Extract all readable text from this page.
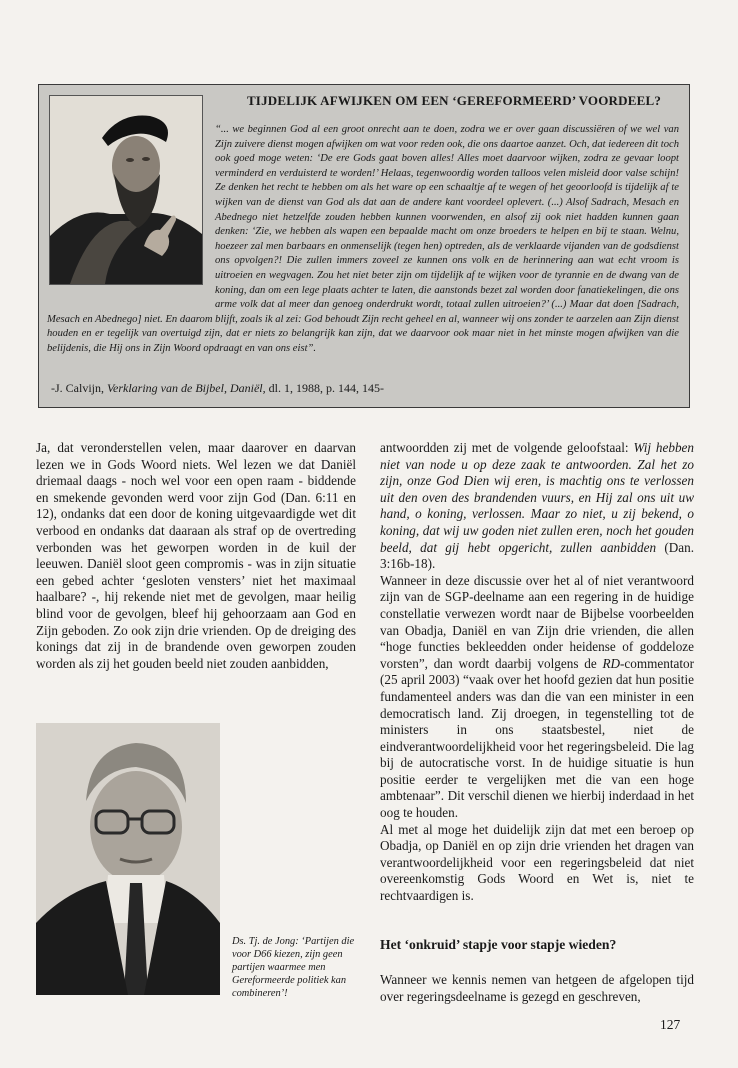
TIJDELIJK AFWIJKEN OM EEN ‘GEREFORMEERD’ VOORDEEL?

“... we beginnen God al een groot onrecht aan te doen, zodra we er over gaan discussiëren of we wel van Zijn zuivere dienst mogen afwijken om wat voor reden ook, die ons daartoe aanzet. Och, dat iedereen dit toch ook goed moge weten: ‘De ere Gods gaat boven alles! Alles moet daarvoor wijken, zodra ze gevaar loopt verminderd en verduisterd te worden!’ Helaas, tegenwoordig worden talloos velen misleid door valse schijn! Ze denken het recht te hebben om als het ware op een schaaltje af te wegen of het geoorloofd is tijdelijk af te wijken van de dienst van God als dat aan de andere kant voordeel oplevert. (...) Alsof Sadrach, Mesach en Abednego niet hetzelfde zouden hebben kunnen voorwenden, en alsof zij ook niet hadden kunnen gaan denken: ‘Zie, we hebben als wapen een bepaalde macht om onze broeders te helpen en bij te staan. Welnu, hoezeer zal men barbaars en onmenselijk (tegen hen) optreden, als de verklaarde vijanden van de godsdienst ons opvolgen?! Die zullen immers zoveel ze kunnen ons volk en de herinnering aan wat echt vroom is uitroeien en wegvagen. Zou het niet beter zijn om tijdelijk af te wijken voor de tyrannie en de dwang van de koning, dan om een lege plaats achter te laten, die aanstonds bezet zal worden door fanatiekelingen, die ons arme volk dat al meer dan genoeg onderdrukt wordt, totaal zullen uitroeien?’ (...) Maar dat doen [Sadrach, Mesach en Abednego] niet. En daarom blijft, zoals ik al zei: God behoudt Zijn recht geheel en al, wanneer wij ons zonder te aarzelen aan Zijn dienst houden en er tegelijk van overtuigd zijn, dat er niets zo belangrijk kan zijn, dat we daarvoor ook maar niet in het minste mogen afwijken van die belijdenis, die Hij ons in Zijn Woord opdraagt en van ons eist”.

-J. Calvijn, Verklaring van de Bijbel, Daniël, dl. 1, 1988, p. 144, 145-

Ja, dat veronderstellen velen, maar daarover en daarvan lezen we in Gods Woord niets. Wel lezen we dat Daniël driemaal daags - noch wel voor een open raam - biddende en smekende gevonden werd voor zijn God (Dan. 6:11 en 12), ondanks dat een door de koning uitgevaardigde wet dit verbood en ondanks dat daaraan als straf op de overtreding verbonden was het geworpen worden in de kuil der leeuwen. Daniël sloot geen compromis - was in zijn situatie een gebed achter ‘gesloten vensters’ niet het maximaal haalbare? -, hij rekende niet met de gevolgen, maar heilig blind voor de gevolgen, bleef hij gehoorzaam aan God en Zijn geboden. Zo ook zijn drie vrienden. Op de dreiging des konings dat zij in de brandende oven geworpen zouden worden als zij het gouden beeld niet zouden aanbidden,

Ds. Tj. de Jong: ‘Partijen die voor D66 kiezen, zijn geen partijen waarmee men Gereformeerde politiek kan combineren’!

antwoordden zij met de volgende geloofstaal: Wij hebben niet van node u op deze zaak te antwoorden. Zal het zo zijn, onze God Dien wij eren, is machtig ons te verlossen uit den oven des brandenden vuurs, en Hij zal ons uit uw hand, o koning, verlossen. Maar zo niet, u zij bekend, o koning, dat wij uw goden niet zullen eren, noch het gouden beeld, dat gij hebt opgericht, zullen aanbidden (Dan. 3:16b-18).

Wanneer in deze discussie over het al of niet verantwoord zijn van de SGP-deelname aan een regering in de huidige constellatie verwezen wordt naar de Bijbelse voorbeelden van Obadja, Daniël en van Zijn drie vrienden, die allen “hoge functies bekleedden onder heidense of goddeloze vorsten”, dan wordt daarbij volgens de RD-commentator (25 april 2003) “vaak over het hoofd gezien dat hun positie fundamenteel anders was dan die van een minister in een democratisch land. Zij droegen, in tegenstelling tot de ministers in ons staatsbestel, niet de eindverantwoordelijkheid voor het regeringsbeleid. Die lag bij de autocratische vorst. In de huidige situatie is hun positie eerder te vergelijken met die van een hoge ambtenaar”. Dit verschil dienen we hierbij inderdaad in het oog te houden.

Al met al moge het duidelijk zijn dat met een beroep op Obadja, op Daniël en op zijn drie vrienden het dragen van verantwoordelijkheid voor een regeringsbeleid dat niet overeenkomstig Gods Woord en Wet is, niet te rechtvaardigen is.

Het ‘onkruid’ stapje voor stapje wieden?

Wanneer we kennis nemen van hetgeen de afgelopen tijd over regeringsdeelname is gezegd en geschreven,

127
